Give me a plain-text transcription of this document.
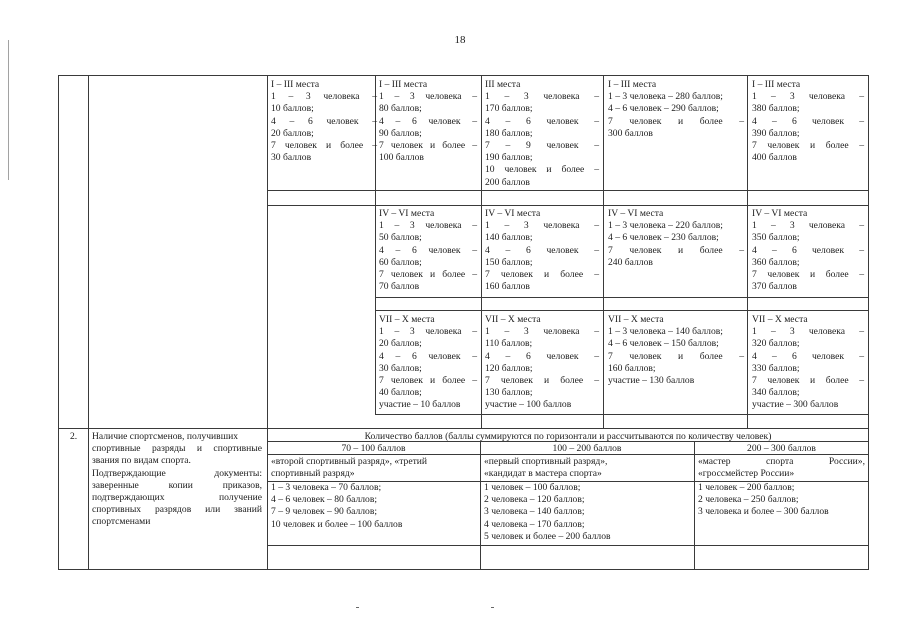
18
I – III места
1 – 3 человека –
10 баллов;
4 – 6 человек –
20 баллов;
7 человек и более –
30 баллов
I – III места
1 – 3 человека –
80 баллов;
4 – 6 человек –
90 баллов;
7 человек и более –
100 баллов
III места
1 – 3 человека –
170 баллов;
4 – 6 человек –
180 баллов;
7 – 9 человек –
190 баллов;
10 человек и более –
200 баллов
I – III места
1 – 3 человека – 280 баллов;
4 – 6 человек – 290 баллов;
7 человек и более –
300 баллов
I – III места
1 – 3 человека –
380 баллов;
4 – 6 человек –
390 баллов;
7 человек и более –
400 баллов
IV – VI места
1 – 3 человека –
50 баллов;
4 – 6 человек –
60 баллов;
7 человек и более –
70 баллов
IV – VI места
1 – 3 человека –
140 баллов;
4 – 6 человек –
150 баллов;
7 человек и более –
160 баллов
IV – VI места
1 – 3 человека – 220 баллов;
4 – 6 человек – 230 баллов;
7 человек и более –
240 баллов
IV – VI места
1 – 3 человека –
350 баллов;
4 – 6 человек –
360 баллов;
7 человек и более –
370 баллов
VII – X места
1 – 3 человека –
20 баллов;
4 – 6 человек –
30 баллов;
7 человек и более –
40 баллов;
участие – 10 баллов
VII – X места
1 – 3 человека –
110 баллов;
4 – 6 человек –
120 баллов;
7 человек и более –
130 баллов;
участие – 100 баллов
VII – X места
1 – 3 человека – 140 баллов;
4 – 6 человек – 150 баллов;
7 человек и более –
160 баллов;
участие – 130 баллов
VII – X места
1 – 3 человека –
320 баллов;
4 – 6 человек –
330 баллов;
7 человек и более –
340 баллов;
участие – 300 баллов
2. Наличие спортсменов, получивших
спортивные разряды и спортивные
звания по видам спорта.
Подтверждающие документы:
заверенные копии приказов,
подтверждающих получение
спортивных разрядов или званий
спортсменами
Количество баллов (баллы суммируются по горизонтали и рассчитываются по количеству человек)
70 – 100 баллов	100 – 200 баллов	200 – 300 баллов
«второй спортивный разряд», «третий
спортивный разряд»
«первый спортивный разряд»,
«кандидат в мастера спорта»
«мастер спорта России»,
«гроссмейстер России»
1 – 3 человека – 70 баллов;
4 – 6 человек – 80 баллов;
7 – 9 человек – 90 баллов;
10 человек и более – 100 баллов
1 человек – 100 баллов;
2 человека – 120 баллов;
3 человека – 140 баллов;
4 человека – 170 баллов;
5 человек и более – 200 баллов
1 человек – 200 баллов;
2 человека – 250 баллов;
3 человека и более – 300 баллов
